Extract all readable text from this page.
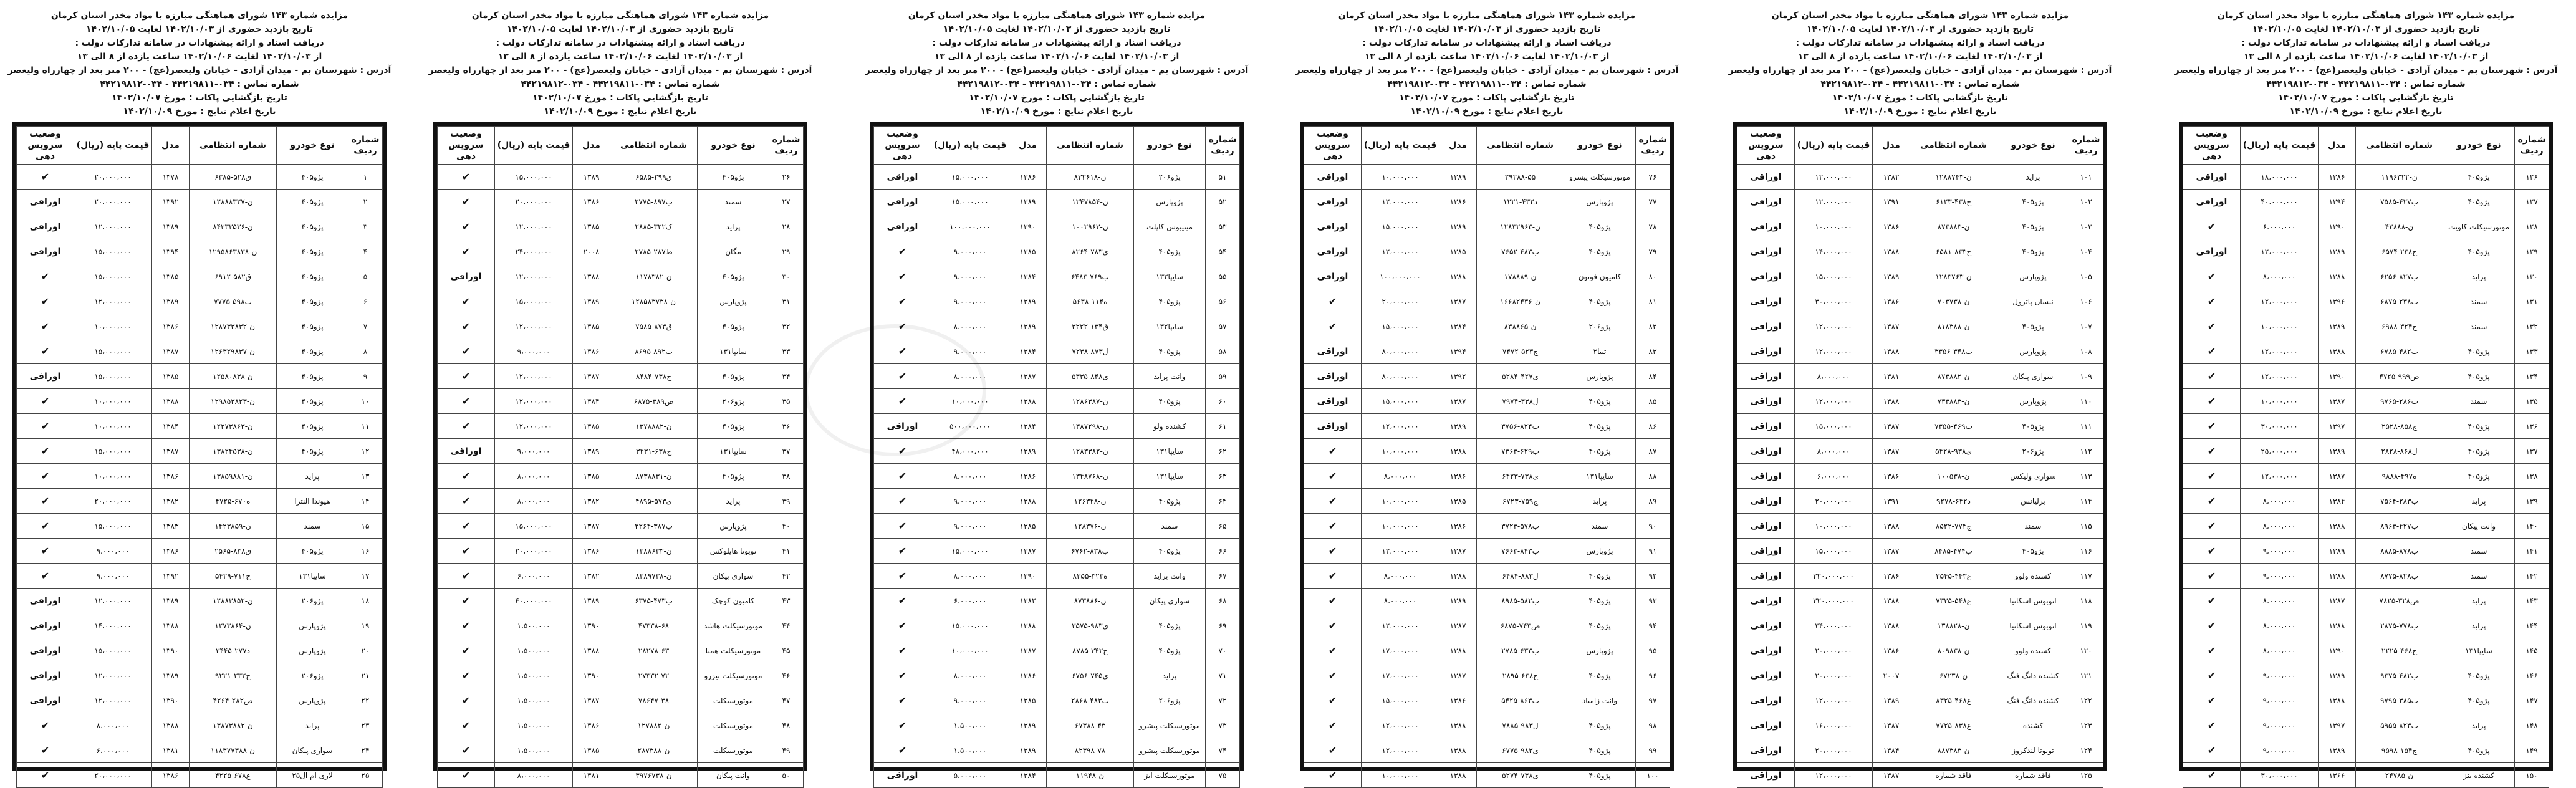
مزایده شماره ۱۴۳ شورای هماهنگی مبارزه با مواد مخدر استان کرمان
تاریخ بازدید حضوری از ۱۴۰۲/۱۰/۰۳ لغایت ۱۴۰۲/۱۰/۰۵
دریافت اسناد و ارائه پیشنهادات در سامانه تدارکات دولت :
از ۱۴۰۲/۱۰/۰۳ لغایت ۱۴۰۲/۱۰/۰۶ ساعت یازده از ۸ الی ۱۳
آدرس : شهرستان بم - میدان آزادی - خیابان ولیعصر(عج) - ۲۰۰ متر بعد از چهارراه ولیعصر
شماره تماس : ۰۳۴-۴۴۲۱۹۸۱۱ - ۰۳۴-۴۴۲۱۹۸۱۲
تاریخ بازگشایی پاکات : مورخ ۱۴۰۲/۱۰/۰۷
تاریخ اعلام نتایج : مورخ ۱۴۰۲/۱۰/۰۹
شماره ردیف	نوع خودرو	شماره انتظامی	مدل	قیمت پایه (ریال)	وضعیت سرویس دهی
۱	پژو۴۰۵	۶۳ق۵۲۸-۸۵	۱۳۷۸	۲۰،۰۰۰،۰۰۰	✔
۲	پژو۴۰۵	ن-۱۲۸۸۸۳۲۷	۱۳۹۲	۲۰،۰۰۰،۰۰۰	اوراقی
۳	پژو۴۰۵	ن-۸۴۳۳۳۵۳۶	۱۳۸۹	۱۲،۰۰۰،۰۰۰	اوراقی
۴	پژو۴۰۵	ن-۱۲۹۵۸۶۳۸۳۸	۱۳۹۴	۱۵،۰۰۰،۰۰۰	اوراقی
۵	پژو۴۰۵	۶۹ق۵۸۲-۱۲	۱۳۸۵	۱۵،۰۰۰،۰۰۰	✔
۶	پژو۴۰۵	۷۷ب۵۹۸-۷۵	۱۳۸۹	۱۲،۰۰۰،۰۰۰	✔
۷	پژو۴۰۵	ن-۱۲۸۷۳۳۸۳۲	۱۳۸۶	۱۰،۰۰۰،۰۰۰	✔
۸	پژو۴۰۵	ن-۱۲۶۳۲۹۸۳۷	۱۳۸۷	۱۵،۰۰۰،۰۰۰	✔
۹	پژو۴۰۵	ن-۱۲۵۸۰۸۳۸	۱۳۸۵	۱۵،۰۰۰،۰۰۰	اوراقی
۱۰	پژو۴۰۵	ن-۱۲۹۸۵۳۸۲۳	۱۳۸۸	۱۰،۰۰۰،۰۰۰	✔
۱۱	پژو۴۰۵	ن-۱۲۲۷۳۸۶۳	۱۳۸۴	۱۰،۰۰۰،۰۰۰	✔
۱۲	پژو۴۰۵	ن-۱۳۸۲۴۵۳۸	۱۳۸۷	۱۵،۰۰۰،۰۰۰	✔
۱۳	پراید	ن-۱۳۸۵۹۸۸۱	۱۳۸۶	۱۰،۰۰۰،۰۰۰	✔
۱۴	هیوندا النترا	۴۷ه۶۷۰-۲۵	۱۳۸۲	۲۰،۰۰۰،۰۰۰	✔
۱۵	سمند	ن-۱۴۲۳۸۵۹	۱۳۸۳	۱۵،۰۰۰،۰۰۰	✔
۱۶	پژو۴۰۵	۲۵ق۸۳۸-۶۵	۱۳۸۶	۹،۰۰۰،۰۰۰	✔
۱۷	سایپا۱۳۱	۵۴ج۷۱۱-۲۹	۱۳۹۲	۹،۰۰۰،۰۰۰	✔
۱۸	پژو۲۰۶	ن-۱۲۸۸۳۸۵۲	۱۳۸۹	۱۲،۰۰۰،۰۰۰	اوراقی
۱۹	پژوپارس	ن-۱۲۷۳۸۶۴	۱۳۸۸	۱۴،۰۰۰،۰۰۰	اوراقی
۲۰	پژوپارس	۳۴د۲۷۷-۴۵	۱۳۹۰	۱۵،۰۰۰،۰۰۰	اوراقی
۲۱	پژو۲۰۶	۹۲ج۲۳۲-۲۱	۱۳۸۹	۱۲،۰۰۰،۰۰۰	اوراقی
۲۲	پژوپارس	۴۲ص۲۸۲-۶۴	۱۳۹۰	۱۲،۰۰۰،۰۰۰	اوراقی
۲۳	پراید	ن-۱۳۸۷۳۸۸۲	۱۳۸۸	۸،۰۰۰،۰۰۰	✔
۲۴	سواری پیکان	ن-۱۱۸۳۷۷۳۸۸	۱۳۸۱	۶،۰۰۰،۰۰۰	✔
۲۵	لاری ام ال۲۵	۴۲ع۶۷۸-۲۵	۱۳۸۶	۲۰،۰۰۰،۰۰۰	✔
مزایده شماره ۱۴۳ شورای هماهنگی مبارزه با مواد مخدر استان کرمان
تاریخ بازدید حضوری از ۱۴۰۲/۱۰/۰۳ لغایت ۱۴۰۲/۱۰/۰۵
دریافت اسناد و ارائه پیشنهادات در سامانه تدارکات دولت :
از ۱۴۰۲/۱۰/۰۳ لغایت ۱۴۰۲/۱۰/۰۶ ساعت یازده از ۸ الی ۱۳
آدرس : شهرستان بم - میدان آزادی - خیابان ولیعصر(عج) - ۲۰۰ متر بعد از چهارراه ولیعصر
شماره تماس : ۰۳۴-۴۴۲۱۹۸۱۱ - ۰۳۴-۴۴۲۱۹۸۱۲
تاریخ بازگشایی پاکات : مورخ ۱۴۰۲/۱۰/۰۷
تاریخ اعلام نتایج : مورخ ۱۴۰۲/۱۰/۰۹
شماره ردیف	نوع خودرو	شماره انتظامی	مدل	قیمت پایه (ریال)	وضعیت سرویس دهی
۲۶	پژو۴۰۵	۶۵ق۲۹۹-۸۵	۱۳۸۹	۱۵،۰۰۰،۰۰۰	✔
۲۷	سمند	۲۷ب۸۹۷-۷۵	۱۳۸۶	۲۰،۰۰۰،۰۰۰	✔
۲۸	پراید	۲۸ک۳۲۲-۸۵	۱۳۸۵	۱۲،۰۰۰،۰۰۰	✔
۲۹	مگان	۲۷ط۲۸۷-۸۵	۲۰۰۸	۲۴،۰۰۰،۰۰۰	✔
۳۰	پژو۴۰۵	ن-۱۱۷۸۳۸۲	۱۳۸۸	۱۲،۰۰۰،۰۰۰	اوراقی
۳۱	پژوپارس	ن-۱۲۸۵۸۳۷۳۸	۱۳۸۹	۱۵،۰۰۰،۰۰۰	✔
۳۲	پژو۴۰۵	۷۵ق۸۷۳-۸۵	۱۳۸۵	۱۲،۰۰۰،۰۰۰	✔
۳۳	سایپا۱۳۱	۸۶ب۸۹۲-۹۵	۱۳۸۶	۹،۰۰۰،۰۰۰	✔
۳۴	پژو۴۰۵	۸۴ج۷۳۸-۸۴	۱۳۸۷	۱۲،۰۰۰،۰۰۰	✔
۳۵	پژو۲۰۶	۶۸ص۳۸۹-۷۵	۱۳۸۴	۱۲،۰۰۰،۰۰۰	✔
۳۶	پژو۴۰۵	ن-۱۳۷۸۸۸۲	۱۳۸۵	۱۲،۰۰۰،۰۰۰	✔
۳۷	سایپا۱۳۱	۳۴ج۶۳۸-۳۱	۱۳۸۹	۹،۰۰۰،۰۰۰	اوراقی
۳۸	پژو۴۰۵	ن-۸۷۳۸۸۳۱	۱۳۸۵	۸،۰۰۰،۰۰۰	✔
۳۹	پراید	۴۸ی۵۷۳-۹۵	۱۳۸۲	۸،۰۰۰،۰۰۰	✔
۴۰	پژوپارس	۲۲ب۳۸۷-۶۴	۱۳۸۷	۱۵،۰۰۰،۰۰۰	✔
۴۱	تویوتا هایلوکس	ن-۱۳۸۸۶۳۳	۱۳۸۶	۲۰،۰۰۰،۰۰۰	✔
۴۲	سواری پیکان	ن-۸۳۸۹۷۳۸	۱۳۸۲	۶،۰۰۰،۰۰۰	✔
۴۳	کامیون کوچک	۶۳ب۴۷۳-۷۵	۱۳۸۹	۴۰،۰۰۰،۰۰۰	✔
۴۴	موتورسیکلت هاشد	۴۷۳۳۸-۶۸	۱۳۹۰	۱،۵۰۰،۰۰۰	✔
۴۵	موتورسیکلت همتا	۲۸۲۷۸-۶۳	۱۳۸۸	۱،۵۰۰،۰۰۰	✔
۴۶	موتورسیکلت تیزرو	۲۷۳۳۲-۷۲	۱۳۹۰	۱،۵۰۰،۰۰۰	✔
۴۷	موتورسیکلت	۷۸۶۴۷-۳۸	۱۳۸۷	۱،۵۰۰،۰۰۰	✔
۴۸	موتورسیکلت	ن-۱۲۷۸۸۲	۱۳۸۶	۱،۵۰۰،۰۰۰	✔
۴۹	موتورسیکلت	ن-۲۸۷۳۸۸	۱۳۸۵	۱،۵۰۰،۰۰۰	✔
۵۰	وانت پیکان	ن-۳۹۷۶۷۳۸	۱۳۸۱	۸،۰۰۰،۰۰۰	✔
مزایده شماره ۱۴۳ شورای هماهنگی مبارزه با مواد مخدر استان کرمان
تاریخ بازدید حضوری از ۱۴۰۲/۱۰/۰۳ لغایت ۱۴۰۲/۱۰/۰۵
دریافت اسناد و ارائه پیشنهادات در سامانه تدارکات دولت :
از ۱۴۰۲/۱۰/۰۳ لغایت ۱۴۰۲/۱۰/۰۶ ساعت یازده از ۸ الی ۱۳
آدرس : شهرستان بم - میدان آزادی - خیابان ولیعصر(عج) - ۲۰۰ متر بعد از چهارراه ولیعصر
شماره تماس : ۰۳۴-۴۴۲۱۹۸۱۱ - ۰۳۴-۴۴۲۱۹۸۱۲
تاریخ بازگشایی پاکات : مورخ ۱۴۰۲/۱۰/۰۷
تاریخ اعلام نتایج : مورخ ۱۴۰۲/۱۰/۰۹
شماره ردیف	نوع خودرو	شماره انتظامی	مدل	قیمت پایه (ریال)	وضعیت سرویس دهی
۵۱	پژو۲۰۶	ن-۸۳۲۶۱۸	۱۳۸۶	۱۵،۰۰۰،۰۰۰	اوراقی
۵۲	پژوپارس	ن-۱۲۴۷۸۵۴	۱۳۸۹	۱۵،۰۰۰،۰۰۰	اوراقی
۵۳	مینیبوس کاپلت	ن-۱۰۰۲۹۶۳	۱۳۹۰	۱۰۰،۰۰۰،۰۰۰	اوراقی
۵۴	پژو۴۰۵	۸۲ی۷۸۳-۶۴	۱۳۸۵	۹،۰۰۰،۰۰۰	✔
۵۵	سایپا۱۳۲	۶۴ب۷۶۹-۸۳	۱۳۸۴	۹،۰۰۰،۰۰۰	✔
۵۶	پژو۴۰۵	۵۶ه۱۱۴-۳۸	۱۳۸۹	۹،۰۰۰،۰۰۰	✔
۵۷	سایپا۱۳۲	۳۲ق۱۳۴-۲۲	۱۳۸۹	۸،۰۰۰،۰۰۰	✔
۵۸	پژو۴۰۵	۷۲ل۸۷۳-۳۸	۱۳۸۴	۹،۰۰۰،۰۰۰	✔
۵۹	وانت پراید	۵۳ی۸۴۸-۳۵	۱۳۸۷	۸،۰۰۰،۰۰۰	✔
۶۰	پژو۴۰۵	ن-۱۲۸۶۳۸۷	۱۳۸۸	۱۰،۰۰۰،۰۰۰	✔
۶۱	کشنده ولو	ن-۱۳۸۷۲۹۸	۱۳۸۴	۵۰۰،۰۰۰،۰۰۰	اوراقی
۶۲	سایپا۱۳۱	ن-۱۲۸۳۳۸۲	۱۳۸۹	۴۸،۰۰۰،۰۰۰	✔
۶۳	سایپا۱۳۱	ن-۱۳۴۸۷۶۸	۱۳۸۶	۸،۰۰۰،۰۰۰	✔
۶۴	پژو۴۰۵	ن-۱۲۶۳۴۸	۱۳۸۸	۹،۰۰۰،۰۰۰	✔
۶۵	سمند	ن-۱۲۸۳۷۶	۱۳۸۵	۹،۰۰۰،۰۰۰	✔
۶۶	پژو۴۰۵	۶۷ب۸۳۸-۶۲	۱۳۸۷	۱۵،۰۰۰،۰۰۰	✔
۶۷	وانت پراید	۸۳ه۳۲۳-۵۵	۱۳۹۰	۸،۰۰۰،۰۰۰	✔
۶۸	سواری پیکان	ن-۸۷۳۸۸۶	۱۳۸۲	۶،۰۰۰،۰۰۰	✔
۶۹	پژو۴۰۵	۳۵ی۹۸۳-۷۵	۱۳۸۸	۱۵،۰۰۰،۰۰۰	✔
۷۰	پژو۴۰۵	۸۷ج۳۴۲-۸۵	۱۳۸۷	۱۰،۰۰۰،۰۰۰	✔
۷۱	پراید	۶۷ی۷۴۵-۵۶	۱۳۸۶	۸،۰۰۰،۰۰۰	✔
۷۲	پژو۲۰۶	۲۸ب۴۸۳-۶۸	۱۳۸۵	۹،۰۰۰،۰۰۰	✔
۷۳	موتورسیکلت پیشرو	۶۷۳۸۸-۴۳	۱۳۸۹	۱،۵۰۰،۰۰۰	✔
۷۴	موتورسیکلت پیشرو	۸۲۳۹۸-۷۸	۱۳۸۹	۱،۵۰۰،۰۰۰	✔
۷۵	موتورسیکلت ایژ	ن-۱۱۹۴۸	۱۳۸۴	۵،۰۰۰،۰۰۰	اوراقی
مزایده شماره ۱۴۳ شورای هماهنگی مبارزه با مواد مخدر استان کرمان
تاریخ بازدید حضوری از ۱۴۰۲/۱۰/۰۳ لغایت ۱۴۰۲/۱۰/۰۵
دریافت اسناد و ارائه پیشنهادات در سامانه تدارکات دولت :
از ۱۴۰۲/۱۰/۰۳ لغایت ۱۴۰۲/۱۰/۰۶ ساعت یازده از ۸ الی ۱۳
آدرس : شهرستان بم - میدان آزادی - خیابان ولیعصر(عج) - ۲۰۰ متر بعد از چهارراه ولیعصر
شماره تماس : ۰۳۴-۴۴۲۱۹۸۱۱ - ۰۳۴-۴۴۲۱۹۸۱۲
تاریخ بازگشایی پاکات : مورخ ۱۴۰۲/۱۰/۰۷
تاریخ اعلام نتایج : مورخ ۱۴۰۲/۱۰/۰۹
شماره ردیف	نوع خودرو	شماره انتظامی	مدل	قیمت پایه (ریال)	وضعیت سرویس دهی
۷۶	موتورسیکلت پیشرو	۲۹۲۸۸-۵۵	۱۳۸۹	۱۰،۰۰۰،۰۰۰	اوراقی
۷۷	پژوپارس	۱۲د۴۳۲-۲۱	۱۳۸۶	۱۲،۰۰۰،۰۰۰	اوراقی
۷۸	پژو۴۰۵	ن-۱۲۸۳۲۹۶۳	۱۳۸۹	۱۵،۰۰۰،۰۰۰	اوراقی
۷۹	پژو۴۰۵	۷۶ب۴۸۳-۵۲	۱۳۸۵	۱۲،۰۰۰،۰۰۰	اوراقی
۸۰	کامیون فوتون	ن-۱۷۸۸۸۹	۱۳۸۸	۱۰۰،۰۰۰،۰۰۰	اوراقی
۸۱	پژو۴۰۵	ن-۱۶۶۸۲۴۳۶	۱۳۸۷	۲۰،۰۰۰،۰۰۰	✔
۸۲	پژو۲۰۶	ن-۸۳۸۸۶۵	۱۳۸۴	۱۵،۰۰۰،۰۰۰	✔
۸۳	تیبا۲	۷۴ج۵۲۳-۷۲	۱۳۹۴	۸۰،۰۰۰،۰۰۰	اوراقی
۸۴	پژوپارس	۵۲ی۴۲۷-۸۴	۱۳۹۲	۸۰،۰۰۰،۰۰۰	اوراقی
۸۵	پژو۴۰۵	۷۹ل۳۳۸-۷۴	۱۳۸۷	۱۵،۰۰۰،۰۰۰	اوراقی
۸۶	پژو۴۰۵	۳۷ب۸۲۴-۵۶	۱۳۸۹	۱۲،۰۰۰،۰۰۰	اوراقی
۸۷	پژو۴۰۵	۷۳ب۶۲۹-۶۳	۱۳۸۸	۱۰،۰۰۰،۰۰۰	✔
۸۸	سایپا۱۳۱	۶۴ی۷۳۸-۲۳	۱۳۸۶	۸،۰۰۰،۰۰۰	✔
۸۹	پراید	۶۷ج۷۵۹-۲۳	۱۳۸۵	۱۰،۰۰۰،۰۰۰	✔
۹۰	سمند	۳۷ب۵۷۸-۲۳	۱۳۸۶	۱۰،۰۰۰،۰۰۰	✔
۹۱	پژوپارس	۷۶ب۸۴۳-۶۳	۱۳۸۷	۱۲،۰۰۰،۰۰۰	✔
۹۲	پژو۴۰۵	۶۴ل۸۸۳-۸۴	۱۳۸۸	۸،۰۰۰،۰۰۰	✔
۹۳	پژو۴۰۵	۸۹ب۵۸۲-۸۵	۱۳۸۹	۸،۰۰۰،۰۰۰	✔
۹۴	پژو۴۰۵	۶۸ص۷۴۳-۷۵	۱۳۸۷	۱۲،۰۰۰،۰۰۰	✔
۹۵	پژوپارس	۲۷ب۶۳۳-۸۵	۱۳۸۸	۱۷،۰۰۰،۰۰۰	✔
۹۶	پژو۴۰۵	۲۸ج۶۳۸-۹۵	۱۳۸۷	۱۷،۰۰۰،۰۰۰	✔
۹۷	وانت زامیاد	۵۴ب۸۶۳-۲۵	۱۳۸۶	۱۵،۰۰۰،۰۰۰	✔
۹۸	پژو۴۰۵	۷۸ل۹۸۳-۸۵	۱۳۸۸	۱۲،۰۰۰،۰۰۰	✔
۹۹	پژو۴۰۵	۶۷ی۹۸۳-۷۵	۱۳۸۸	۱۲،۰۰۰،۰۰۰	✔
۱۰۰	پژو۴۰۵	۵۲ی۷۳۸-۷۴	۱۳۸۸	۱۰،۰۰۰،۰۰۰	✔
مزایده شماره ۱۴۳ شورای هماهنگی مبارزه با مواد مخدر استان کرمان
تاریخ بازدید حضوری از ۱۴۰۲/۱۰/۰۳ لغایت ۱۴۰۲/۱۰/۰۵
دریافت اسناد و ارائه پیشنهادات در سامانه تدارکات دولت :
از ۱۴۰۲/۱۰/۰۳ لغایت ۱۴۰۲/۱۰/۰۶ ساعت یازده از ۸ الی ۱۳
آدرس : شهرستان بم - میدان آزادی - خیابان ولیعصر(عج) - ۲۰۰ متر بعد از چهارراه ولیعصر
شماره تماس : ۰۳۴-۴۴۲۱۹۸۱۱ - ۰۳۴-۴۴۲۱۹۸۱۲
تاریخ بازگشایی پاکات : مورخ ۱۴۰۲/۱۰/۰۷
تاریخ اعلام نتایج : مورخ ۱۴۰۲/۱۰/۰۹
شماره ردیف	نوع خودرو	شماره انتظامی	مدل	قیمت پایه (ریال)	وضعیت سرویس دهی
۱۰۱	پراید	ن-۱۲۸۸۷۴۳	۱۳۸۲	۱۲،۰۰۰،۰۰۰	اوراقی
۱۰۲	پژو۴۰۵	۶۱ج۴۳۸-۲۳	۱۳۹۱	۱۲،۰۰۰،۰۰۰	اوراقی
۱۰۳	پژو۴۰۵	ن-۸۷۳۸۸۳	۱۳۸۶	۱۰،۰۰۰،۰۰۰	اوراقی
۱۰۴	پژو۴۰۵	۶۵ج۸۳۳-۸۱	۱۳۸۸	۱۴،۰۰۰،۰۰۰	اوراقی
۱۰۵	پژوپارس	ن-۱۲۸۳۷۶۳	۱۳۸۹	۱۵،۰۰۰،۰۰۰	اوراقی
۱۰۶	نیسان پاترول	ن-۷۰۳۷۳۸	۱۳۸۶	۳۰،۰۰۰،۰۰۰	اوراقی
۱۰۷	پژو۴۰۵	ن-۸۱۸۳۸۸	۱۳۸۷	۱۲،۰۰۰،۰۰۰	اوراقی
۱۰۸	پژوپارس	۳۳ب۳۴۸-۵۶	۱۳۸۸	۱۲،۰۰۰،۰۰۰	اوراقی
۱۰۹	سواری پیکان	ن-۸۷۳۸۸۲	۱۳۸۱	۸،۰۰۰،۰۰۰	اوراقی
۱۱۰	پژوپارس	ن-۷۳۳۸۸۳	۱۳۸۸	۱۲،۰۰۰،۰۰۰	اوراقی
۱۱۱	پژو۴۰۵	۷۳ب۴۶۹-۵۵	۱۳۸۷	۱۵،۰۰۰،۰۰۰	اوراقی
۱۱۲	پژو۲۰۶	۵۴ی۹۳۸-۲۸	۱۳۸۷	۸،۰۰۰،۰۰۰	اوراقی
۱۱۳	سواری ولیکس	ن-۱۰۰۵۳۸	۱۳۸۶	۶،۰۰۰،۰۰۰	اوراقی
۱۱۴	برلیانس	۹۲د۶۴۲-۷۸	۱۳۹۱	۲۰،۰۰۰،۰۰۰	اوراقی
۱۱۵	سمند	۸۵ج۷۷۴-۲۲	۱۳۸۸	۱۰،۰۰۰،۰۰۰	اوراقی
۱۱۶	پژو۴۰۵	۸۴ب۴۷۴-۸۵	۱۳۸۷	۱۵،۰۰۰،۰۰۰	اوراقی
۱۱۷	کشنده ولوو	۳۵ع۴۴۳-۴۵	۱۳۸۶	۳۲۰،۰۰۰،۰۰۰	اوراقی
۱۱۸	اتوبوس اسکانیا	۷۳ع۵۴۸-۳۵	۱۳۸۸	۳۲۰،۰۰۰،۰۰۰	اوراقی
۱۱۹	اتوبوس اسکانیا	ن-۱۳۸۸۲۸	۱۳۸۸	۳۴،۰۰۰،۰۰۰	اوراقی
۱۲۰	کشنده ولوو	ن-۸۰۹۸۳۸	۱۳۸۶	۲۰،۰۰۰،۰۰۰	اوراقی
۱۲۱	کشنده دانگ فنگ	ن-۶۷۲۳۸	۲۰۰۷	۲۰،۰۰۰،۰۰۰	اوراقی
۱۲۲	کشنده دانگ فنگ	۸۳ع۴۶۸-۲۵	۱۳۸۹	۱۲،۰۰۰،۰۰۰	اوراقی
۱۲۳	کشنده	۷۷ع۸۳۸-۲۵	۱۳۸۷	۱۶،۰۰۰،۰۰۰	اوراقی
۱۲۴	تویوتا لندکروز	ن-۸۸۷۳۸۳	۱۳۸۴	۲۰،۰۰۰،۰۰۰	اوراقی
۱۲۵	فاقد شماره	فاقد شماره	۱۳۸۷	۱۲،۰۰۰،۰۰۰	اوراقی
مزایده شماره ۱۴۳ شورای هماهنگی مبارزه با مواد مخدر استان کرمان
تاریخ بازدید حضوری از ۱۴۰۲/۱۰/۰۳ لغایت ۱۴۰۲/۱۰/۰۵
دریافت اسناد و ارائه پیشنهادات در سامانه تدارکات دولت :
از ۱۴۰۲/۱۰/۰۳ لغایت ۱۴۰۲/۱۰/۰۶ ساعت یازده از ۸ الی ۱۳
آدرس : شهرستان بم - میدان آزادی - خیابان ولیعصر(عج) - ۲۰۰ متر بعد از چهارراه ولیعصر
شماره تماس : ۰۳۴-۴۴۲۱۹۸۱۱ - ۰۳۴-۴۴۲۱۹۸۱۲
تاریخ بازگشایی پاکات : مورخ ۱۴۰۲/۱۰/۰۷
تاریخ اعلام نتایج : مورخ ۱۴۰۲/۱۰/۰۹
شماره ردیف	نوع خودرو	شماره انتظامی	مدل	قیمت پایه (ریال)	وضعیت سرویس دهی
۱۲۶	پژو۴۰۵	ن-۱۱۹۶۳۲۲	۱۳۸۶	۱۸،۰۰۰،۰۰۰	اوراقی
۱۲۷	پژو۴۰۵	۷۵ب۴۲۷-۸۵	۱۳۹۴	۴۰،۰۰۰،۰۰۰	اوراقی
۱۲۸	موتورسیکلت کاویت	ن-۴۳۸۸۸	۱۳۹۰	۶،۰۰۰،۰۰۰	✔
۱۲۹	پژو۴۰۵	۶۵ج۲۳۸-۷۴	۱۳۸۹	۱۲،۰۰۰،۰۰۰	اوراقی
۱۳۰	پراید	۶۲ب۸۲۷-۵۶	۱۳۸۸	۸،۰۰۰،۰۰۰	✔
۱۳۱	سمند	۶۸ب۲۳۸-۷۵	۱۳۹۶	۱۲،۰۰۰،۰۰۰	✔
۱۳۲	سمند	۶۹ج۳۲۴-۸۸	۱۳۸۹	۱۰،۰۰۰،۰۰۰	✔
۱۳۳	پژو۴۰۵	۶۷ب۴۸۲-۸۵	۱۳۸۸	۱۲،۰۰۰،۰۰۰	✔
۱۳۴	پژو۴۰۵	۴۷ص۹۹۹-۲۵	۱۳۹۰	۱۲،۰۰۰،۰۰۰	✔
۱۳۵	سمند	۹۷ب۲۸۶-۶۵	۱۳۸۷	۱۰،۰۰۰،۰۰۰	✔
۱۳۶	پژو۴۰۵	۲۵ج۸۵۸-۲۸	۱۳۹۷	۳۰،۰۰۰،۰۰۰	✔
۱۳۷	پژو۴۰۵	۲۸ل۸۶۸-۲۸	۱۳۸۹	۲۵،۰۰۰،۰۰۰	✔
۱۳۸	پژو۴۰۵	۹۸ه۴۹۷-۸۸	۱۳۸۷	۱۲،۰۰۰،۰۰۰	✔
۱۳۹	پراید	۷۵ب۲۸۳-۶۴	۱۳۸۴	۸،۰۰۰،۰۰۰	✔
۱۴۰	وانت پیکان	۸۹ب۴۲۷-۶۳	۱۳۸۸	۸،۰۰۰،۰۰۰	✔
۱۴۱	سمند	۸۸ب۸۷۸-۸۵	۱۳۸۹	۹،۰۰۰،۰۰۰	✔
۱۴۲	سمند	۸۷ب۸۲۸-۷۵	۱۳۸۸	۹،۰۰۰،۰۰۰	✔
۱۴۳	پراید	۷۸ص۳۲۸-۲۵	۱۳۸۷	۸،۰۰۰،۰۰۰	✔
۱۴۴	پراید	۲۸ب۷۷۸-۷۵	۱۳۸۸	۸،۰۰۰،۰۰۰	✔
۱۴۵	سایپا۱۳۱	۲۲ج۴۶۸-۲۵	۱۳۹۰	۸،۰۰۰،۰۰۰	✔
۱۴۶	پژو۴۰۵	۹۳ب۴۸۲-۷۵	۱۳۸۹	۹،۰۰۰،۰۰۰	✔
۱۴۷	پژو۴۰۵	۹۷ب۳۸۵-۹۵	۱۳۸۸	۹،۰۰۰،۰۰۰	✔
۱۴۸	پراید	۵۹ب۸۲۳-۵۵	۱۳۹۷	۹،۰۰۰،۰۰۰	✔
۱۴۹	پژو۴۰۵	۹۵ج۱۵۴-۹۸	۱۳۸۹	۹،۰۰۰،۰۰۰	✔
۱۵۰	کشنده بنز	ن-۲۴۷۸۵	۱۳۶۶	۳۰،۰۰۰،۰۰۰	✔
